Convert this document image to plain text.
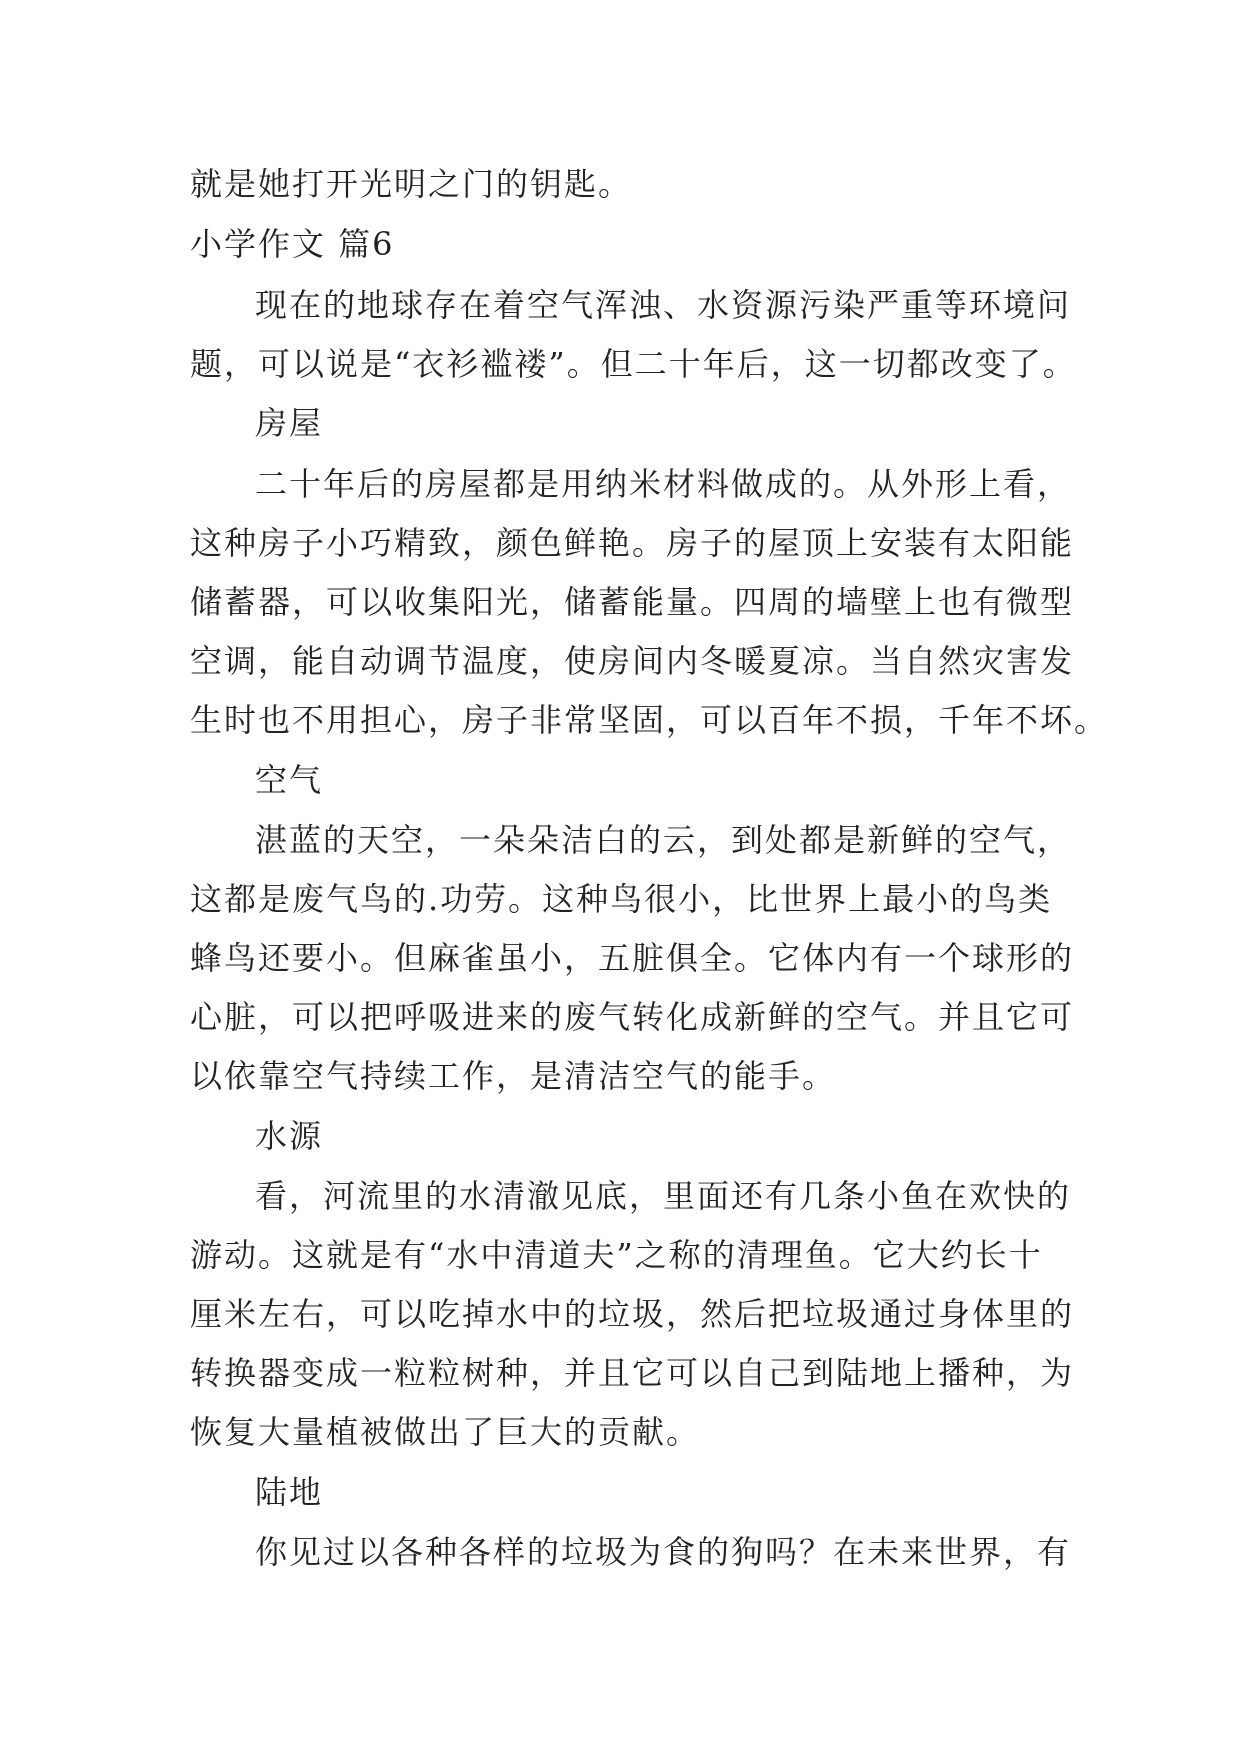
就是她打开光明之门的钥匙。
小学作文 篇6
现在的地球存在着空气浑浊、水资源污染严重等环境问
题，可以说是“衣衫褴褛”。但二十年后，这一切都改变了。
房屋
二十年后的房屋都是用纳米材料做成的。从外形上看，
这种房子小巧精致，颜色鲜艳。房子的屋顶上安装有太阳能
储蓄器，可以收集阳光，储蓄能量。四周的墙壁上也有微型
空调，能自动调节温度，使房间内冬暖夏凉。当自然灾害发
生时也不用担心，房子非常坚固，可以百年不损，千年不坏。
空气
湛蓝的天空，一朵朵洁白的云，到处都是新鲜的空气，
这都是废气鸟的.功劳。这种鸟很小，比世界上最小的鸟类
蜂鸟还要小。但麻雀虽小，五脏俱全。它体内有一个球形的
心脏，可以把呼吸进来的废气转化成新鲜的空气。并且它可
以依靠空气持续工作，是清洁空气的能手。
水源
看，河流里的水清澈见底，里面还有几条小鱼在欢快的
游动。这就是有“水中清道夫”之称的清理鱼。它大约长十
厘米左右，可以吃掉水中的垃圾，然后把垃圾通过身体里的
转换器变成一粒粒树种，并且它可以自己到陆地上播种，为
恢复大量植被做出了巨大的贡献。
陆地
你见过以各种各样的垃圾为食的狗吗？在未来世界，有
